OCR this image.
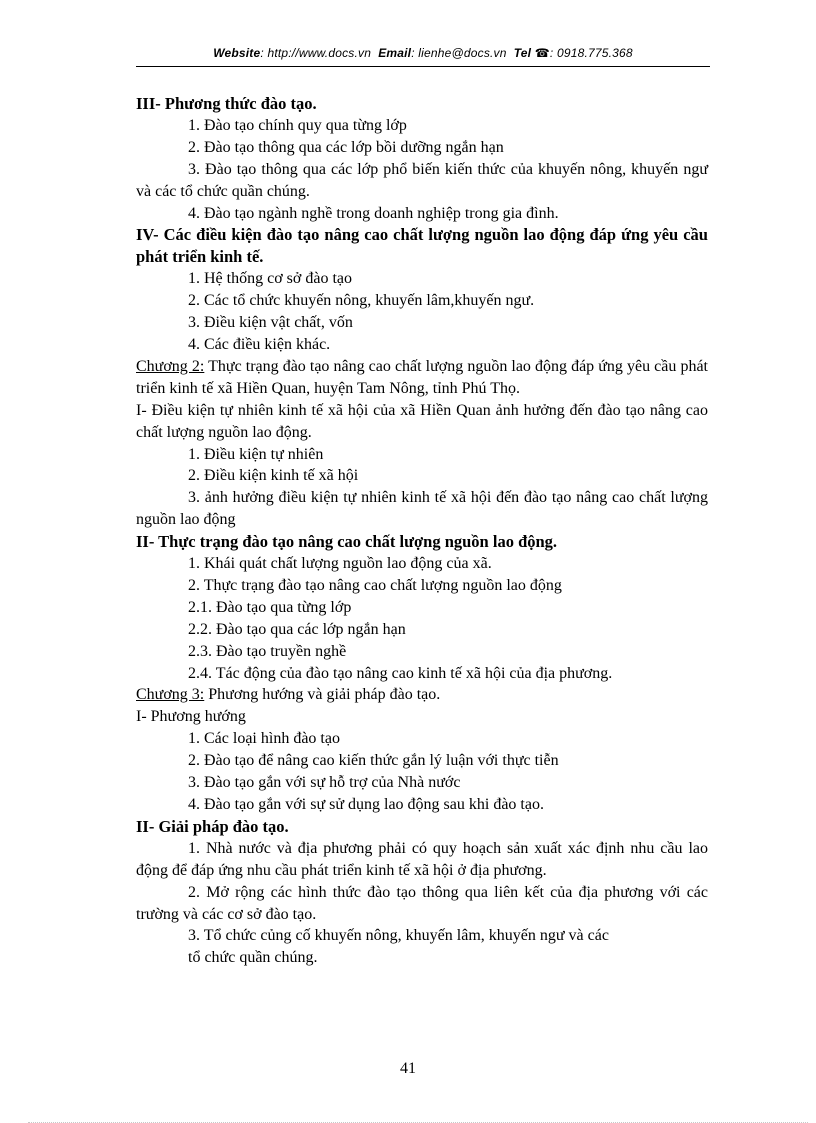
Website: http://www.docs.vn Email: lienhe@docs.vn Tel ☎: 0918.775.368

III- Phương thức đào tạo.

1. Đào tạo chính quy qua từng lớp

2. Đào tạo thông qua các lớp bồi dưỡng ngắn hạn

3. Đào tạo thông qua các lớp phổ biến kiến thức của khuyến nông, khuyến ngư và các tổ chức quần chúng.

4. Đào tạo ngành nghề trong doanh nghiệp trong gia đình.

IV- Các điều kiện đào tạo nâng cao chất lượng nguồn lao động đáp ứng yêu cầu phát triển kinh tế.

1. Hệ thống cơ sở đào tạo

2. Các tổ chức khuyến nông, khuyến lâm,khuyến ngư.

3. Điều kiện vật chất, vốn

4. Các điều kiện khác.

Chương 2: Thực trạng đào tạo nâng cao chất lượng nguồn lao động đáp ứng yêu cầu phát triển kinh tế xã Hiền Quan, huyện Tam Nông, tỉnh Phú Thọ.

I- Điều kiện tự nhiên kinh tế xã hội của xã Hiền Quan ảnh hưởng đến đào tạo nâng cao chất lượng nguồn lao động.

1. Điều kiện tự nhiên

2. Điều kiện kinh tế xã hội

3. ảnh hưởng điều kiện tự nhiên kinh tế xã hội đến đào tạo nâng cao chất lượng nguồn lao động

II- Thực trạng đào tạo nâng cao chất lượng nguồn lao động.

1. Khái quát chất lượng nguồn lao động của xã.

2. Thực trạng đào tạo nâng cao chất lượng nguồn lao động

2.1. Đào tạo qua từng lớp

2.2. Đào tạo qua các lớp ngắn hạn

2.3. Đào tạo truyền nghề

2.4. Tác động của đào tạo nâng cao kinh tế xã hội của địa phương.

Chương 3: Phương hướng và giải pháp đào tạo.

I- Phương hướng

1. Các loại hình đào tạo

2. Đào tạo để nâng cao kiến thức gắn lý luận với thực tiễn

3. Đào tạo gắn với sự hỗ trợ của Nhà nước

4. Đào tạo gắn với sự sử dụng lao động sau khi đào tạo.

II- Giải pháp đào tạo.

1. Nhà nước và địa phương phải có quy hoạch sản xuất xác định nhu cầu lao động để đáp ứng nhu cầu phát triển kinh tế xã hội ở địa phương.

2. Mở rộng các hình thức đào tạo thông qua liên kết của địa phương với các trường và các cơ sở đào tạo.

3. Tổ chức củng cố khuyến nông, khuyến lâm, khuyến ngư và các

tổ chức quần chúng.

41
